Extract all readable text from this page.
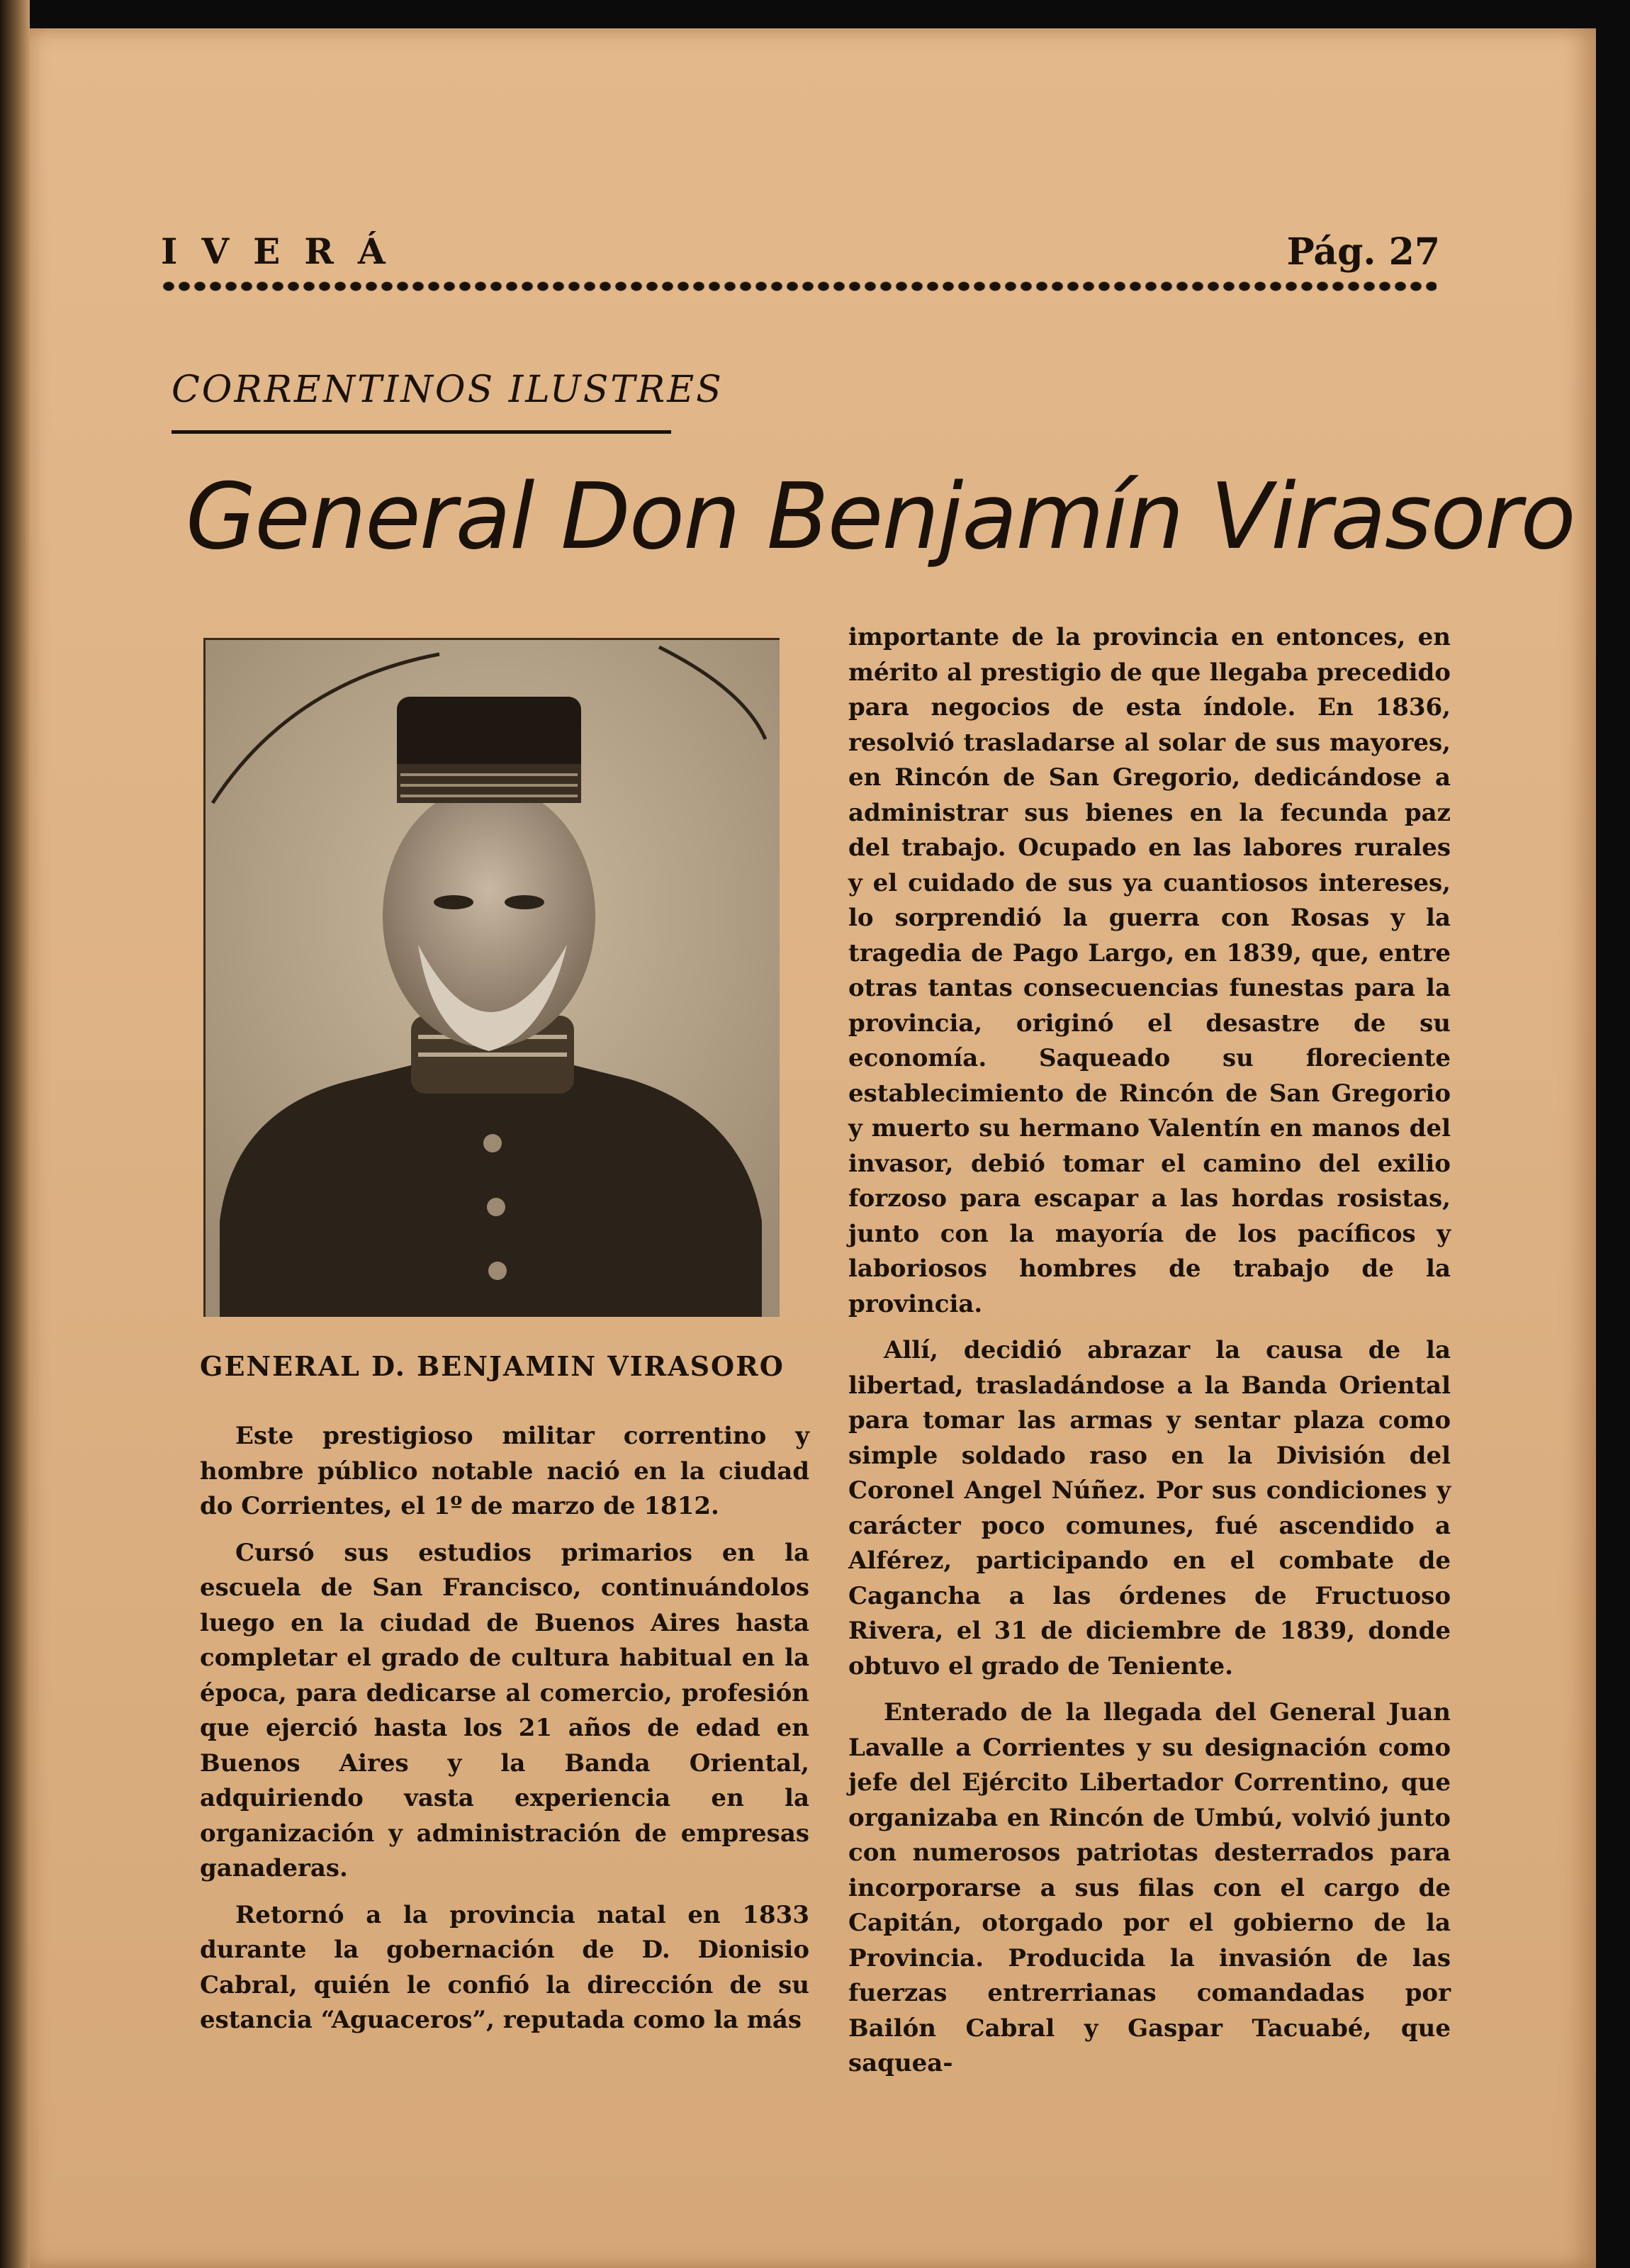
IVERÁ	Pág. 27
CORRENTINOS ILUSTRES
General Don Benjamín Virasoro
GENERAL D. BENJAMIN VIRASORO

Este prestigioso militar correntino y hombre público notable nació en la ciudad do Corrientes, el 1º de marzo de 1812.

Cursó sus estudios primarios en la escuela de San Francisco, continuándolos luego en la ciudad de Buenos Aires hasta completar el grado de cultura habitual en la época, para dedicarse al comercio, profesión que ejerció hasta los 21 años de edad en Buenos Aires y la Banda Oriental, adquiriendo vasta experiencia en la organización y administración de empresas ganaderas.

Retornó a la provincia natal en 1833 durante la gobernación de D. Dionisio Cabral, quién le confió la dirección de su estancia “Aguaceros”, reputada como la más

importante de la provincia en entonces, en mérito al prestigio de que llegaba precedido para negocios de esta índole. En 1836, resolvió trasladarse al solar de sus mayores, en Rincón de San Gregorio, dedicándose a administrar sus bienes en la fecunda paz del trabajo. Ocupado en las labores rurales y el cuidado de sus ya cuantiosos intereses, lo sorprendió la guerra con Rosas y la tragedia de Pago Largo, en 1839, que, entre otras tantas consecuencias funestas para la provincia, originó el desastre de su economía. Saqueado su floreciente establecimiento de Rincón de San Gregorio y muerto su hermano Valentín en manos del invasor, debió tomar el camino del exilio forzoso para escapar a las hordas rosistas, junto con la mayoría de los pacíficos y laboriosos hombres de trabajo de la provincia.

Allí, decidió abrazar la causa de la libertad, trasladándose a la Banda Oriental para tomar las armas y sentar plaza como simple soldado raso en la División del Coronel Angel Núñez. Por sus condiciones y carácter poco comunes, fué ascendido a Alférez, participando en el combate de Cagancha a las órdenes de Fructuoso Rivera, el 31 de diciembre de 1839, donde obtuvo el grado de Teniente.

Enterado de la llegada del General Juan Lavalle a Corrientes y su designación como jefe del Ejército Libertador Correntino, que organizaba en Rincón de Umbú, volvió junto con numerosos patriotas desterrados para incorporarse a sus filas con el cargo de Capitán, otorgado por el gobierno de la Provincia. Producida la invasión de las fuerzas entrerrianas comandadas por Bailón Cabral y Gaspar Tacuabé, que saquea-
